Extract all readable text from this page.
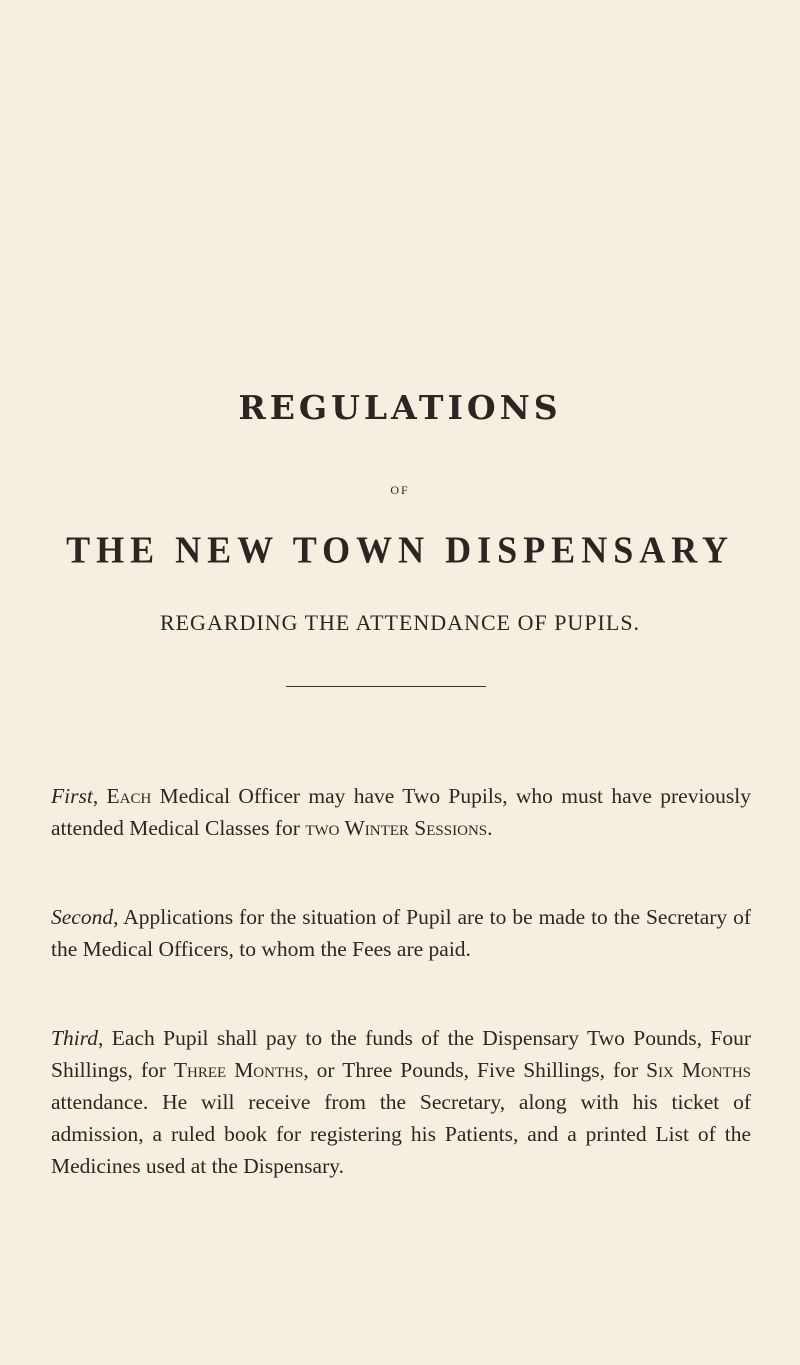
REGULATIONS
OF
THE NEW TOWN DISPENSARY
REGARDING THE ATTENDANCE OF PUPILS.

First, Each Medical Officer may have Two Pupils, who must have previously attended Medical Classes for two Winter Sessions.

Second, Applications for the situation of Pupil are to be made to the Secretary of the Medical Officers, to whom the Fees are paid.

Third, Each Pupil shall pay to the funds of the Dispensary Two Pounds, Four Shillings, for Three Months, or Three Pounds, Five Shillings, for Six Months attendance. He will receive from the Secretary, along with his ticket of admission, a ruled book for registering his Patients, and a printed List of the Medicines used at the Dispensary.
